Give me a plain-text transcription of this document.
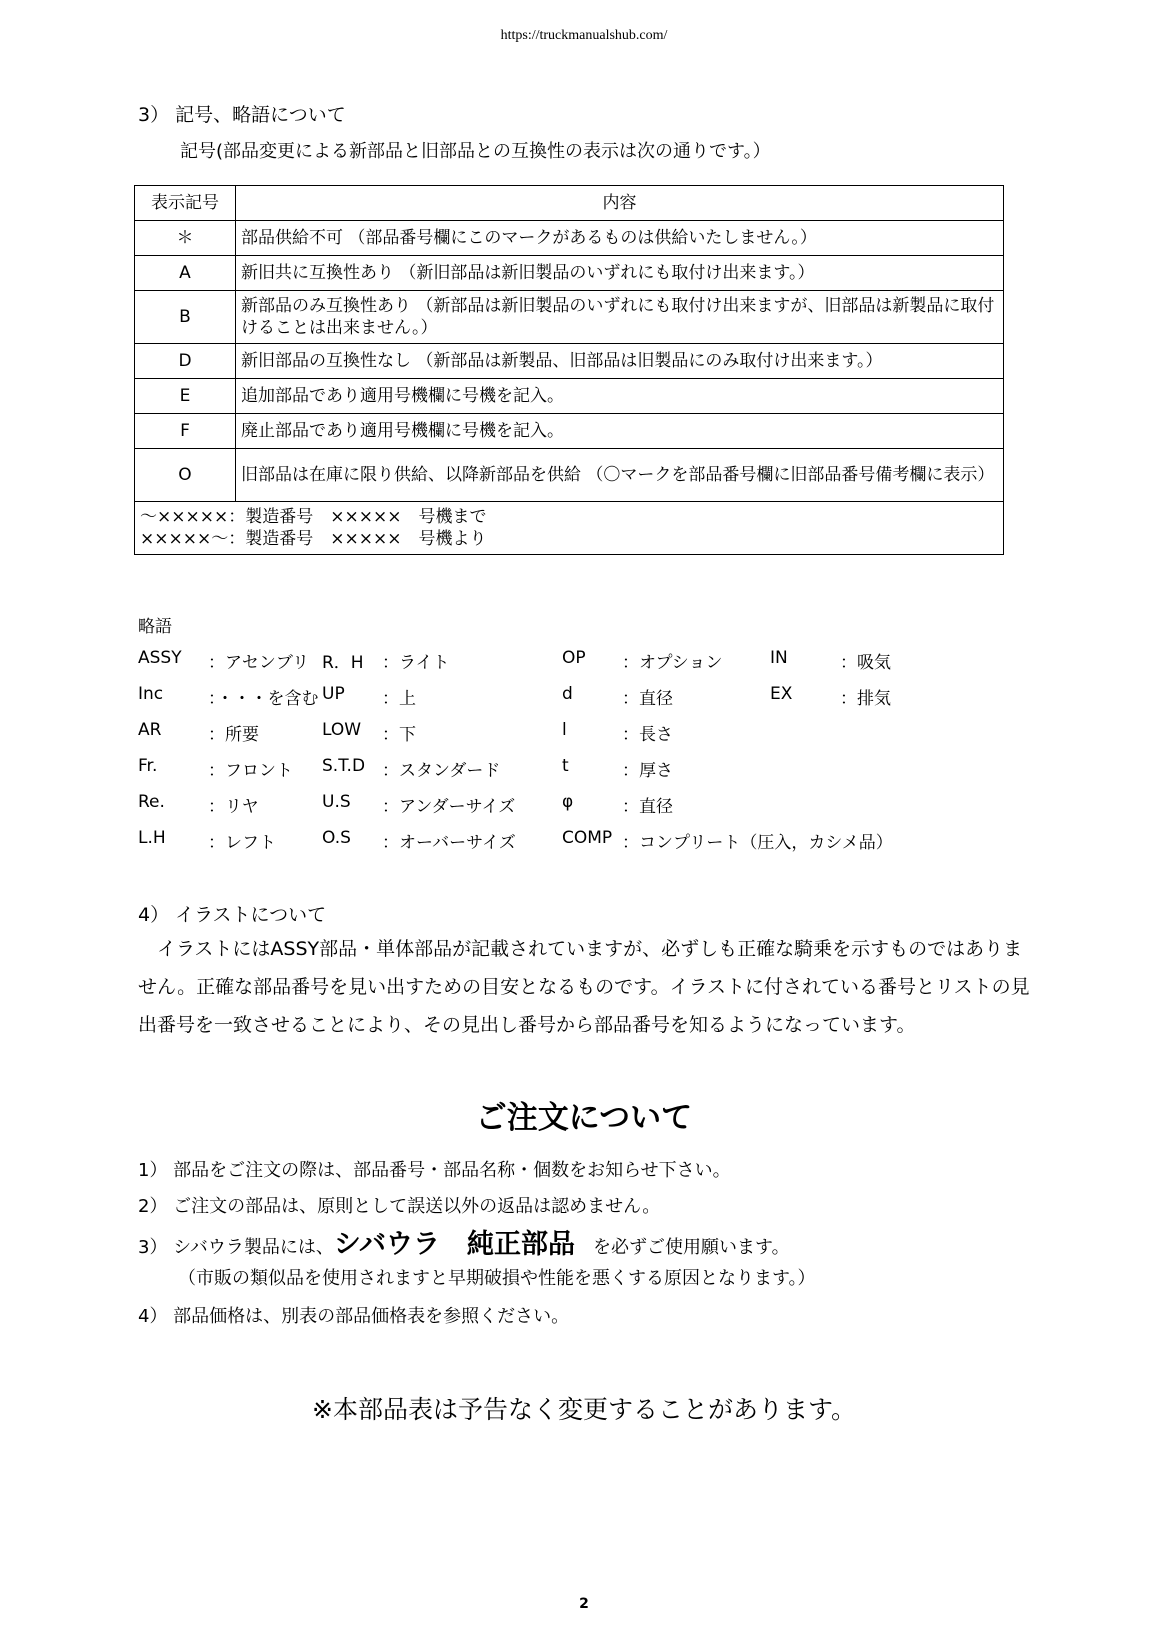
https://truckmanualshub.com/
3） 記号、略語について
記号(部品変更による新部品と旧部品との互換性の表示は次の通りです。）
表示記号	内容
＊	部品供給不可 （部品番号欄にこのマークがあるものは供給いたしません。）
A	新旧共に互換性あり （新旧部品は新旧製品のいずれにも取付け出来ます。）
B	新部品のみ互換性あり （新部品は新旧製品のいずれにも取付け出来ますが、旧部品は新製品に取付けることは出来ません。）
D	新旧部品の互換性なし （新部品は新製品、旧部品は旧製品にのみ取付け出来ます。）
E	追加部品であり適用号機欄に号機を記入。
F	廃止部品であり適用号機欄に号機を記入。
O	旧部品は在庫に限り供給、以降新部品を供給 （〇マークを部品番号欄に旧部品番号備考欄に表示）

～×××××：製造番号　×××××　号機まで
×××××～：製造番号　×××××　号機より	
略語
ASSY ：アセンブリ R．H ：ライト	OP ：オプション	IN	：吸気
Inc	：・・・を含む UP ：上	d	：直径	EX	：排気
AR	：所要	LOW ：下	l	：長さ
Fr.	：フロント S.T.D ：スタンダード	t	：厚さ
Re.	：リヤ	U.S ：アンダーサイズ	φ	：直径
L.H ：レフト	O.S ：オーバーサイズ	COMP ：コンプリート（圧入，カシメ品）
4） イラストについて
　イラストにはASSY部品・単体部品が記載されていますが、必ずしも正確な騎乗を示すものではありま
せん。正確な部品番号を見い出すための目安となるものです。イラストに付されている番号とリストの見
出番号を一致させることにより、その見出し番号から部品番号を知るようになっています。
ご注文について
1） 部品をご注文の際は、部品番号・部品名称・個数をお知らせ下さい。
2） ご注文の部品は、原則として誤送以外の返品は認めません。
3） シバウラ製品には、シバウラ　純正部品　 を必ずご使用願います。
（市販の類似品を使用されますと早期破損や性能を悪くする原因となります。）
4） 部品価格は、別表の部品価格表を参照ください。
※本部品表は予告なく変更することがあります。
2
